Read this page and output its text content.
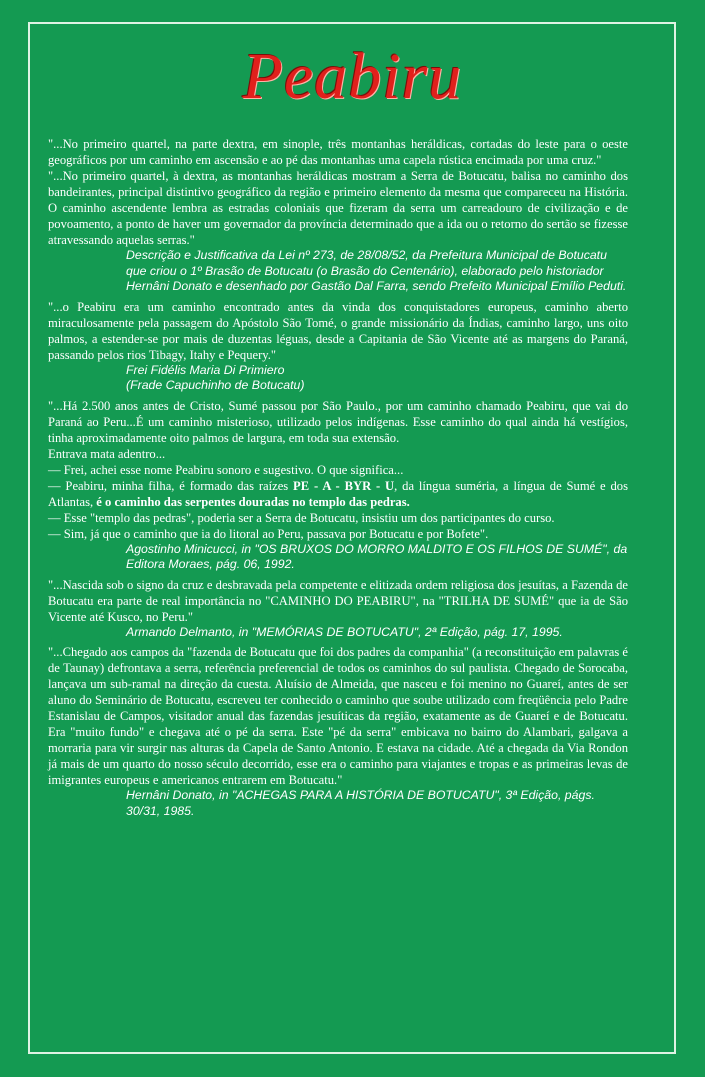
Peabiru

"...No primeiro quartel, na parte dextra, em sinople, três montanhas heráldicas, cortadas do leste para o oeste geográficos por um caminho em ascensão e ao pé das montanhas uma capela rústica encimada por uma cruz."

"...No primeiro quartel, à dextra, as montanhas heráldicas mostram a Serra de Botucatu, balisa no caminho dos bandeirantes, principal distintivo geográfico da região e primeiro elemento da mesma que compareceu na História. O caminho ascendente lembra as estradas coloniais que fizeram da serra um carreadouro de civilização e de povoamento, a ponto de haver um governador da província determinado que a ida ou o retorno do sertão se fizesse atravessando aquelas serras."

Descrição e Justificativa da Lei nº 273, de 28/08/52, da Prefeitura Municipal de Botucatu que criou o 1º Brasão de Botucatu (o Brasão do Centenário), elaborado pelo historiador Hernâni Donato e desenhado por Gastão Dal Farra, sendo Prefeito Municipal Emílio Peduti.

"...o Peabiru era um caminho encontrado antes da vinda dos conquistadores europeus, caminho aberto miraculosamente pela passagem do Apóstolo São Tomé, o grande missionário da Índias, caminho largo, uns oito palmos, a estender-se por mais de duzentas léguas, desde a Capitania de São Vicente até as margens do Paraná, passando pelos rios Tibagy, Itahy e Pequery."

Frei Fidélis Maria Di Primiero

(Frade Capuchinho de Botucatu)

"...Há 2.500 anos antes de Cristo, Sumé passou por São Paulo., por um caminho chamado Peabiru, que vai do Paraná ao Peru...É um caminho misterioso, utilizado pelos indígenas. Esse caminho do qual ainda há vestígios, tinha aproximadamente oito palmos de largura, em toda sua extensão.

Entrava mata adentro...

— Frei, achei esse nome Peabiru sonoro e sugestivo. O que significa...

— Peabiru, minha filha, é formado das raízes PE - A - BYR - U, da língua suméria, a língua de Sumé e dos Atlantas, é o caminho das serpentes douradas no templo das pedras.

— Esse "templo das pedras", poderia ser a Serra de Botucatu, insistiu um dos participantes do curso.

— Sim, já que o caminho que ia do litoral ao Peru, passava por Botucatu e por Bofete".

Agostinho Minicucci, in "OS BRUXOS DO MORRO MALDITO E OS FILHOS DE SUMÉ", da Editora Moraes, pág. 06, 1992.

"...Nascida sob o signo da cruz e desbravada pela competente e elitizada ordem religiosa dos jesuítas, a Fazenda de Botucatu era parte de real importância no "CAMINHO DO PEABIRU", na "TRILHA DE SUMÉ" que ia de São Vicente até Kusco, no Peru."

Armando Delmanto, in "MEMÓRIAS DE BOTUCATU", 2ª Edição, pág. 17, 1995.

"...Chegado aos campos da "fazenda de Botucatu que foi dos padres da companhia" (a reconstituição em palavras é de Taunay) defrontava a serra, referência preferencial de todos os caminhos do sul paulista. Chegado de Sorocaba, lançava um sub-ramal na direção da cuesta. Aluísio de Almeida, que nasceu e foi menino no Guareí, antes de ser aluno do Seminário de Botucatu, escreveu ter conhecido o caminho que soube utilizado com freqüência pelo Padre Estanislau de Campos, visitador anual das fazendas jesuíticas da região, exatamente as de Guareí e de Botucatu. Era "muito fundo" e chegava até o pé da serra. Este "pé da serra" embicava no bairro do Alambari, galgava a morraria para vir surgir nas alturas da Capela de Santo Antonio. E estava na cidade. Até a chegada da Via Rondon já mais de um quarto do nosso século decorrido, esse era o caminho para viajantes e tropas e as primeiras levas de imigrantes europeus e americanos entrarem em Botucatu."

Hernâni Donato, in "ACHEGAS PARA A HISTÓRIA DE BOTUCATU", 3ª Edição, págs. 30/31, 1985.
